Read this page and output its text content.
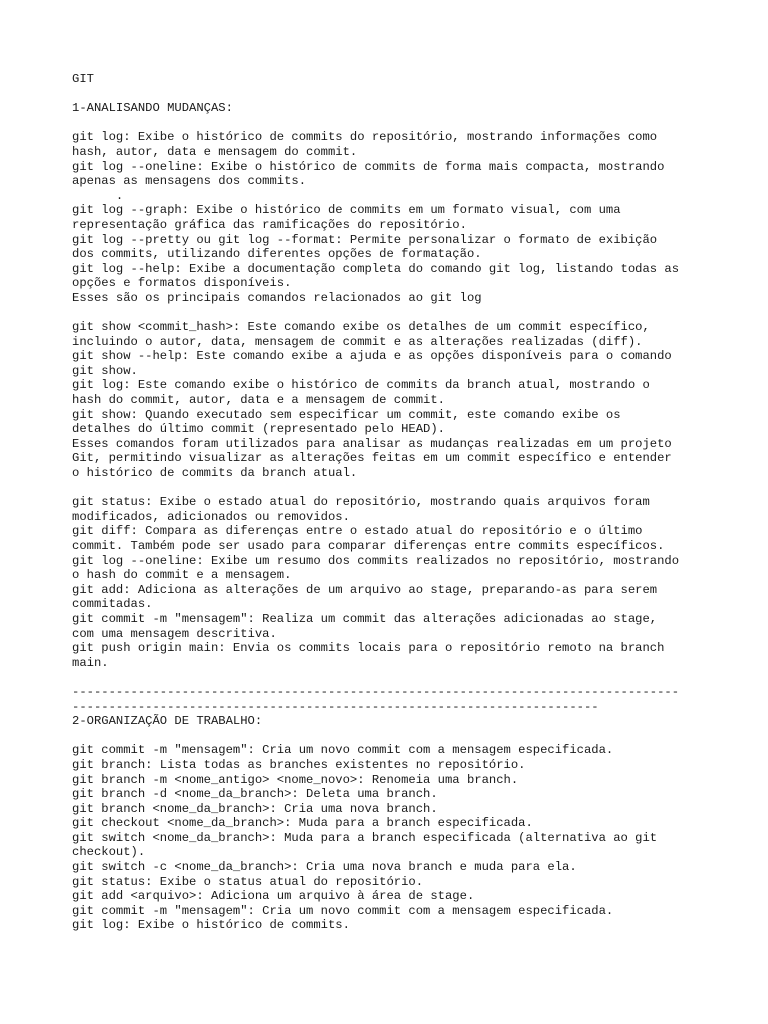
GIT
1-ANALISANDO MUDANÇAS:
git log: Exibe o histórico de commits do repositório, mostrando informações como
hash, autor, data e mensagem do commit.
git log --oneline: Exibe o histórico de commits de forma mais compacta, mostrando
apenas as mensagens dos commits.
.
git log --graph: Exibe o histórico de commits em um formato visual, com uma
representação gráfica das ramificações do repositório.
git log --pretty ou git log --format: Permite personalizar o formato de exibição
dos commits, utilizando diferentes opções de formatação.
git log --help: Exibe a documentação completa do comando git log, listando todas as
opções e formatos disponíveis.
Esses são os principais comandos relacionados ao git log
git show <commit_hash>: Este comando exibe os detalhes de um commit específico,
incluindo o autor, data, mensagem de commit e as alterações realizadas (diff).
git show --help: Este comando exibe a ajuda e as opções disponíveis para o comando
git show.
git log: Este comando exibe o histórico de commits da branch atual, mostrando o
hash do commit, autor, data e a mensagem de commit.
git show: Quando executado sem especificar um commit, este comando exibe os
detalhes do último commit (representado pelo HEAD).
Esses comandos foram utilizados para analisar as mudanças realizadas em um projeto
Git, permitindo visualizar as alterações feitas em um commit específico e entender
o histórico de commits da branch atual.
git status: Exibe o estado atual do repositório, mostrando quais arquivos foram
modificados, adicionados ou removidos.
git diff: Compara as diferenças entre o estado atual do repositório e o último
commit. Também pode ser usado para comparar diferenças entre commits específicos.
git log --oneline: Exibe um resumo dos commits realizados no repositório, mostrando
o hash do commit e a mensagem.
git add: Adiciona as alterações de um arquivo ao stage, preparando-as para serem
commitadas.
git commit -m "mensagem": Realiza um commit das alterações adicionadas ao stage,
com uma mensagem descritiva.
git push origin main: Envia os commits locais para o repositório remoto na branch
main.
-----------------------------------------------------------------------------------
------------------------------------------------------------------------
2-ORGANIZAÇÃO DE TRABALHO:
git commit -m "mensagem": Cria um novo commit com a mensagem especificada.
git branch: Lista todas as branches existentes no repositório.
git branch -m <nome_antigo> <nome_novo>: Renomeia uma branch.
git branch -d <nome_da_branch>: Deleta uma branch.
git branch <nome_da_branch>: Cria uma nova branch.
git checkout <nome_da_branch>: Muda para a branch especificada.
git switch <nome_da_branch>: Muda para a branch especificada (alternativa ao git
checkout).
git switch -c <nome_da_branch>: Cria uma nova branch e muda para ela.
git status: Exibe o status atual do repositório.
git add <arquivo>: Adiciona um arquivo à área de stage.
git commit -m "mensagem": Cria um novo commit com a mensagem especificada.
git log: Exibe o histórico de commits.
